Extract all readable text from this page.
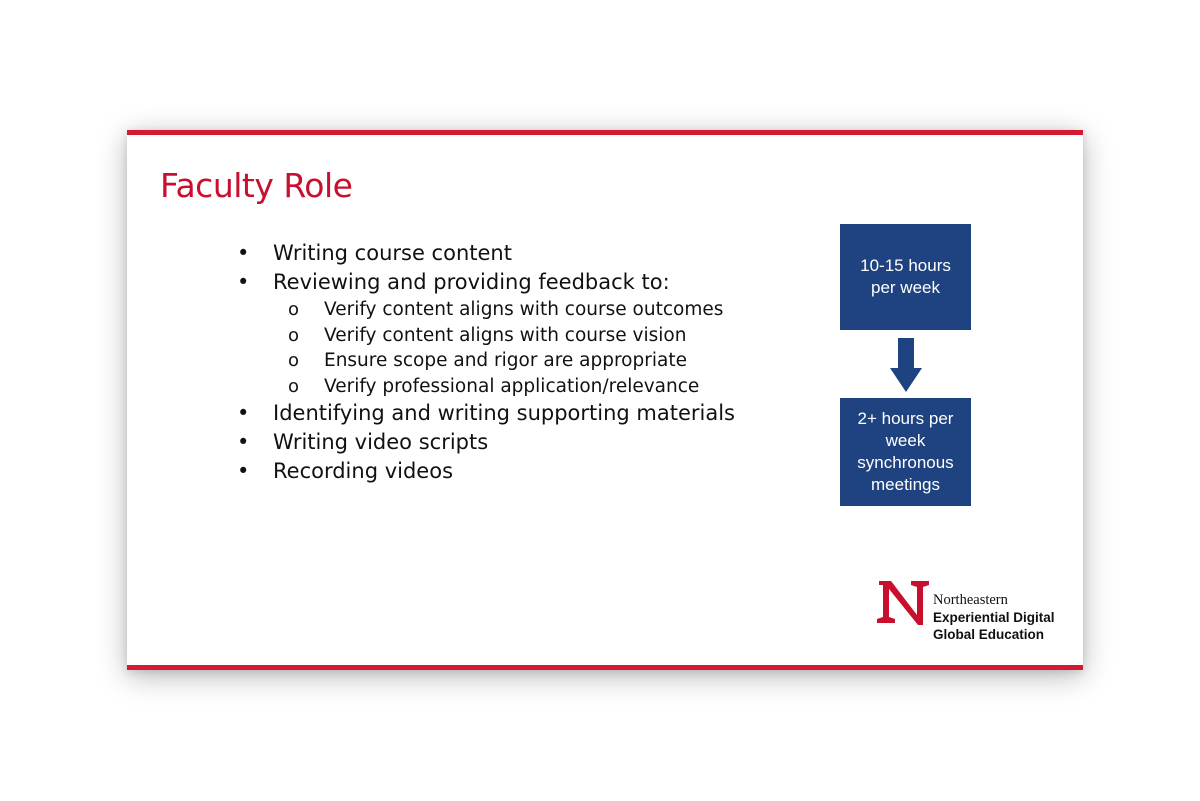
Faculty Role
• Writing course content
• Reviewing and providing feedback to:
o Verify content aligns with course outcomes
o Verify content aligns with course vision
o Ensure scope and rigor are appropriate
o Verify professional application/relevance
• Identifying and writing supporting materials
• Writing video scripts
• Recording videos
10-15 hours
per week
2+ hours per
week
synchronous
meetings
Northeastern
Experiential Digital
Global Education
